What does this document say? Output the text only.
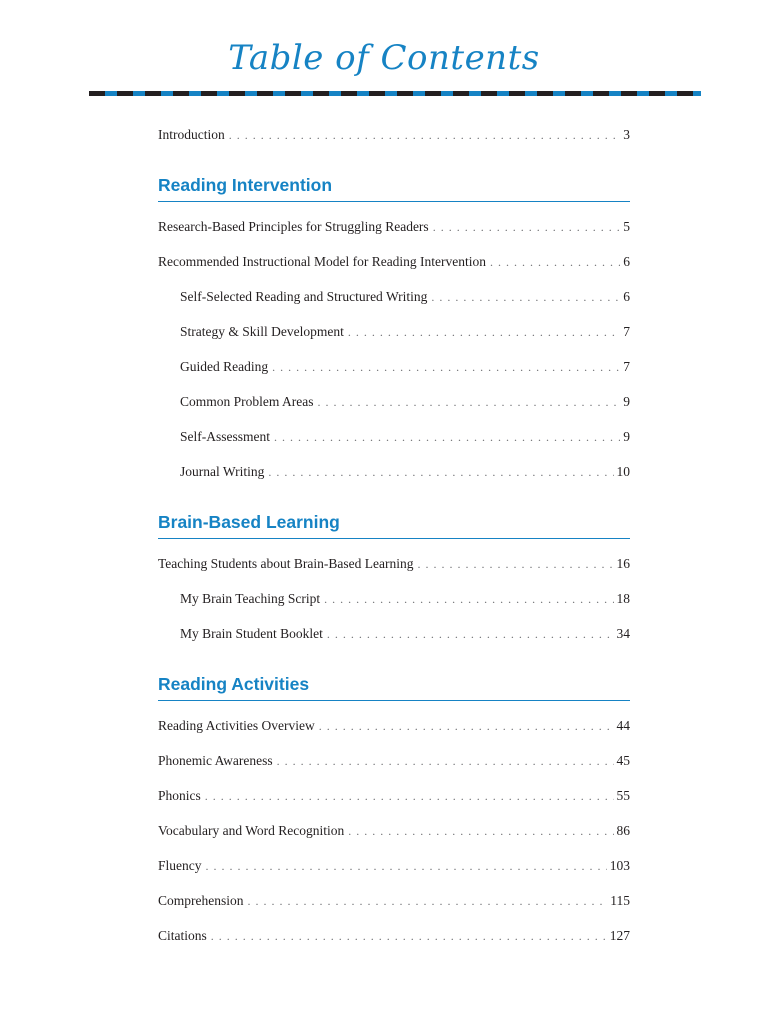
Table of Contents
Introduction . . .	3
Reading Intervention
Research-Based Principles for Struggling Readers . . .	5
Recommended Instructional Model for Reading Intervention . . .	6
Self-Selected Reading and Structured Writing . . .	6
Strategy & Skill Development . . .	7
Guided Reading . . .	7
Common Problem Areas . . .	9
Self-Assessment . . .	9
Journal Writing . . .	10
Brain-Based Learning
Teaching Students about Brain-Based Learning . . .	16
My Brain Teaching Script . . .	18
My Brain Student Booklet . . .	34
Reading Activities
Reading Activities Overview . . .	44
Phonemic Awareness . . .	45
Phonics . . .	55
Vocabulary and Word Recognition . . .	86
Fluency . . .	103
Comprehension . . .	115
Citations . . .	127
